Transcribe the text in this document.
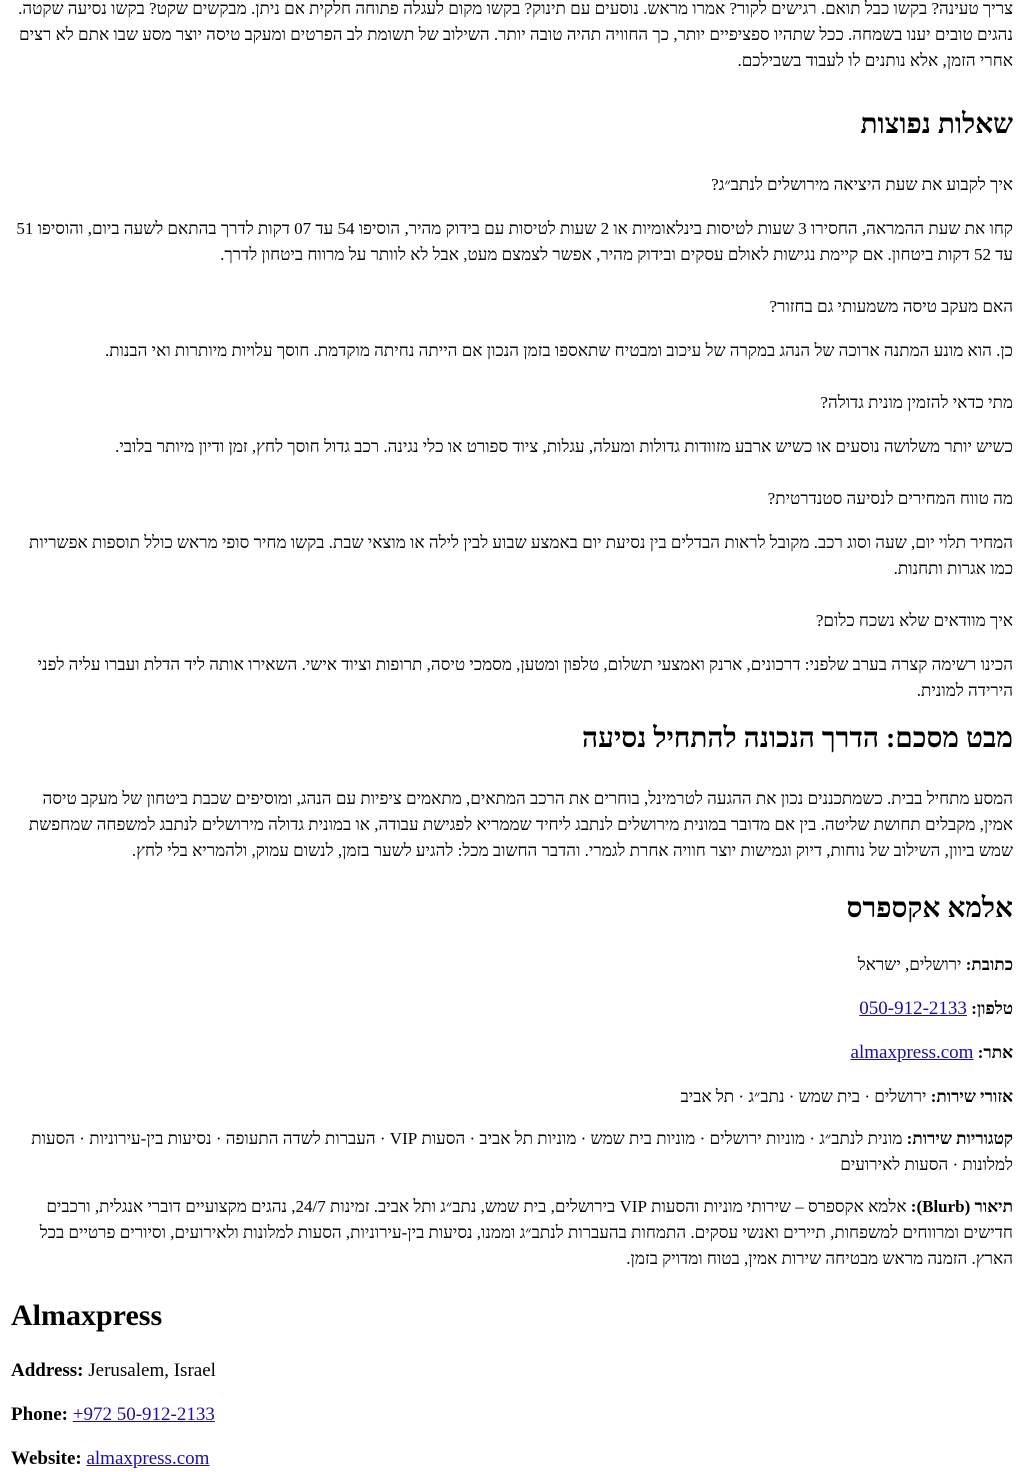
צריך טעינה? בקשו כבל תואם. רגישים לקור? אמרו מראש. נוסעים עם תינוק? בקשו מקום לעגלה פתוחה חלקית אם ניתן. מבקשים שקט? בקשו נסיעה שקטה. נהגים טובים יענו בשמחה. ככל שתהיו ספציפיים יותר, כך החוויה תהיה טובה יותר. השילוב של תשומת לב הפרטים ומעקב טיסה יוצר מסע שבו אתם לא רצים אחרי הזמן, אלא נותנים לו לעבוד בשבילכם.

שאלות נפוצות

איך לקבוע את שעת היציאה מירושלים לנתב״ג?

קחו את שעת ההמראה, החסירו 3 שעות לטיסות בינלאומיות או 2 שעות לטיסות עם בידוק מהיר, הוסיפו 54 עד 07 דקות לדרך בהתאם לשעה ביום, והוסיפו 51 עד 52 דקות ביטחון. אם קיימת נגישות לאולם עסקים ובידוק מהיר, אפשר לצמצם מעט, אבל לא לוותר על מרווח ביטחון לדרך.

האם מעקב טיסה משמעותי גם בחזור?

כן. הוא מונע המתנה ארוכה של הנהג במקרה של עיכוב ומבטיח שתאספו בזמן הנכון אם הייתה נחיתה מוקדמת. חוסך עלויות מיותרות ואי הבנות.

מתי כדאי להזמין מונית גדולה?

כשיש יותר משלושה נוסעים או כשיש ארבע מזוודות גדולות ומעלה, עגלות, ציוד ספורט או כלי נגינה. רכב גדול חוסך לחץ, זמן ודיון מיותר בלובי.

מה טווח המחירים לנסיעה סטנדרטית?

המחיר תלוי יום, שעה וסוג רכב. מקובל לראות הבדלים בין נסיעת יום באמצע שבוע לבין לילה או מוצאי שבת. בקשו מחיר סופי מראש כולל תוספות אפשריות כמו אגרות ותחנות.

איך מוודאים שלא נשכח כלום?

הכינו רשימה קצרה בערב שלפני: דרכונים, ארנק ואמצעי תשלום, טלפון ומטען, מסמכי טיסה, תרופות וציוד אישי. השאירו אותה ליד הדלת ועברו עליה לפני הירידה למונית.

מבט מסכם: הדרך הנכונה להתחיל נסיעה

המסע מתחיל בבית. כשמתכננים נכון את ההגעה לטרמינל, בוחרים את הרכב המתאים, מתאמים ציפיות עם הנהג, ומוסיפים שכבת ביטחון של מעקב טיסה אמין, מקבלים תחושת שליטה. בין אם מדובר במונית מירושלים לנתבג ליחיד שממריא לפגישת עבודה, או במונית גדולה מירושלים לנתבג למשפחה שמחפשת שמש ביוון, השילוב של נוחות, דיוק וגמישות יוצר חוויה אחרת לגמרי. והדבר החשוב מכל: להגיע לשער בזמן, לנשום עמוק, ולהמריא בלי לחץ.

אלמא אקספרס

כתובת: ירושלים, ישראל

טלפון: 050-912-2133

אתר: almaxpress.com

אזורי שירות: ירושלים · בית שמש · נתב״ג · תל אביב

קטגוריות שירות: מונית לנתב״ג · מוניות ירושלים · מוניות בית שמש · מוניות תל אביב · הסעות VIP · העברות לשדה התעופה · נסיעות בין-עירוניות · הסעות למלונות · הסעות לאירועים

תיאור (Blurb): אלמא אקספרס – שירותי מוניות והסעות VIP בירושלים, בית שמש, נתב״ג ותל אביב. זמינות 24/7, נהגים מקצועיים דוברי אנגלית, ורכבים חדישים ומרווחים למשפחות, תיירים ואנשי עסקים. התמחות בהעברות לנתב״ג וממנו, נסיעות בין-עירוניות, הסעות למלונות ולאירועים, וסיורים פרטיים בכל הארץ. הזמנה מראש מבטיחה שירות אמין, בטוח ומדויק בזמן.

Almaxpress

Address: Jerusalem, Israel

Phone: +972 50-912-2133

Website: almaxpress.com
